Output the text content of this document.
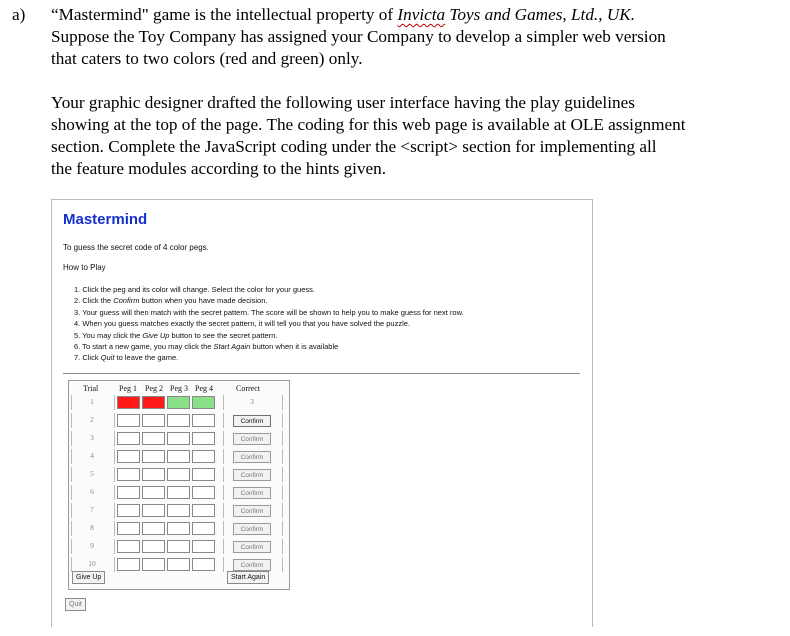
a) “Mastermind" game is the intellectual property of Invicta Toys and Games, Ltd., UK.
Suppose the Toy Company has assigned your Company to develop a simpler web version
that caters to two colors (red and green) only.
Your graphic designer drafted the following user interface having the play guidelines
showing at the top of the page. The coding for this web page is available at OLE assignment
section. Complete the JavaScript coding under the <script> section for implementing all
the feature modules according to the hints given.
Mastermind
To guess the secret code of 4 color pegs.
How to Play
1. Click the peg and its color will change. Select the color for your guess.
2. Click the Confirm button when you have made decision.
3. Your guess will then match with the secret pattern. The score will be shown to help you to make guess for next row.
4. When you guess matches exactly the secret pattern, it will tell you that you have solved the puzzle.
5. You may click the Give Up button to see the secret pattern.
6. To start a new game, you may click the Start Again button when it is available
7. Click Quit to leave the game.
Trial	Peg 1 Peg 2 Peg 3 Peg 4	Correct
Give Up	Start Again
1	3
2	Confirm
3	Confirm
4	Confirm
5	Confirm
6	Confirm
7	Confirm
8	Confirm
9	Confirm
10	Confirm
Quit
